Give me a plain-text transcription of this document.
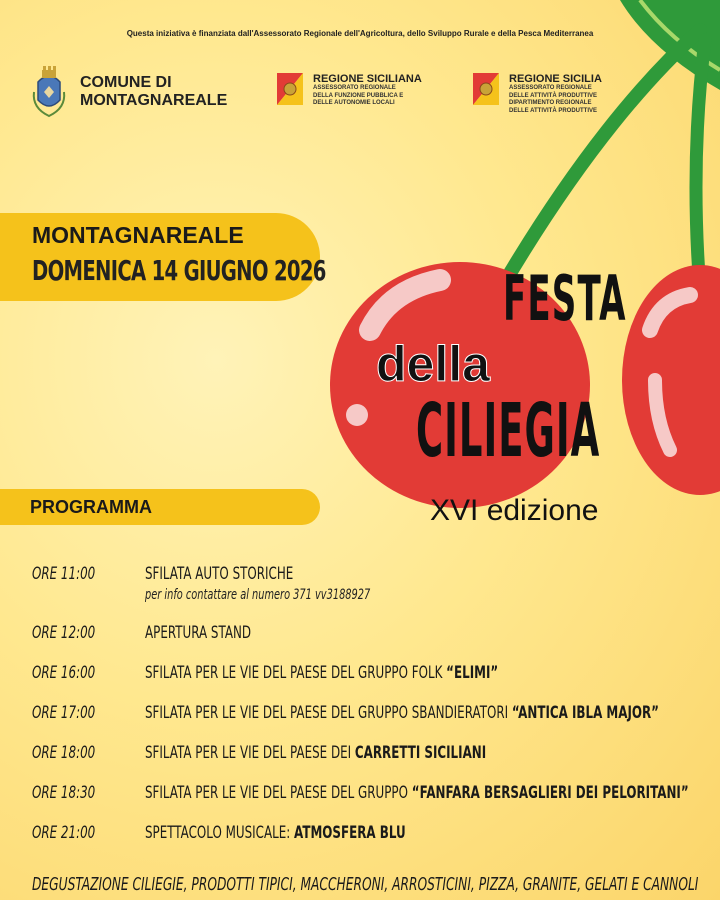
Questa iniziativa è finanziata dall'Assessorato Regionale dell'Agricoltura, dello Sviluppo Rurale e della Pesca Mediterranea
COMUNE DI
MONTAGNAREALE
REGIONE SICILIANA
ASSESSORATO REGIONALE
DELLA FUNZIONE PUBBLICA E
DELLE AUTONOMIE LOCALI
REGIONE SICILIA
ASSESSORATO REGIONALE
DELLE ATTIVITÀ PRODUTTIVE
DIPARTIMENTO REGIONALE
DELLE ATTIVITÀ PRODUTTIVE
MONTAGNAREALE
DOMENICA 14 GIUGNO 2026	FESTA
della
CILIEGIA
XVI edizione
PROGRAMMA
ORE 11:00	SFILATA AUTO STORICHE
per info contattare al numero 371 vv3188927
ORE 12:00	APERTURA STAND
ORE 16:00	SFILATA PER LE VIE DEL PAESE DEL GRUPPO FOLK “ELIMI”
ORE 17:00	SFILATA PER LE VIE DEL PAESE DEL GRUPPO SBANDIERATORI “ANTICA IBLA MAJOR”
ORE 18:00	SFILATA PER LE VIE DEL PAESE DEI CARRETTI SICILIANI
ORE 18:30	SFILATA PER LE VIE DEL PAESE DEL GRUPPO “FANFARA BERSAGLIERI DEI PELORITANI”
ORE 21:00	SPETTACOLO MUSICALE: ATMOSFERA BLU
DEGUSTAZIONE CILIEGIE, PRODOTTI TIPICI, MACCHERONI, ARROSTICINI, PIZZA, GRANITE, GELATI E CANNOLI
